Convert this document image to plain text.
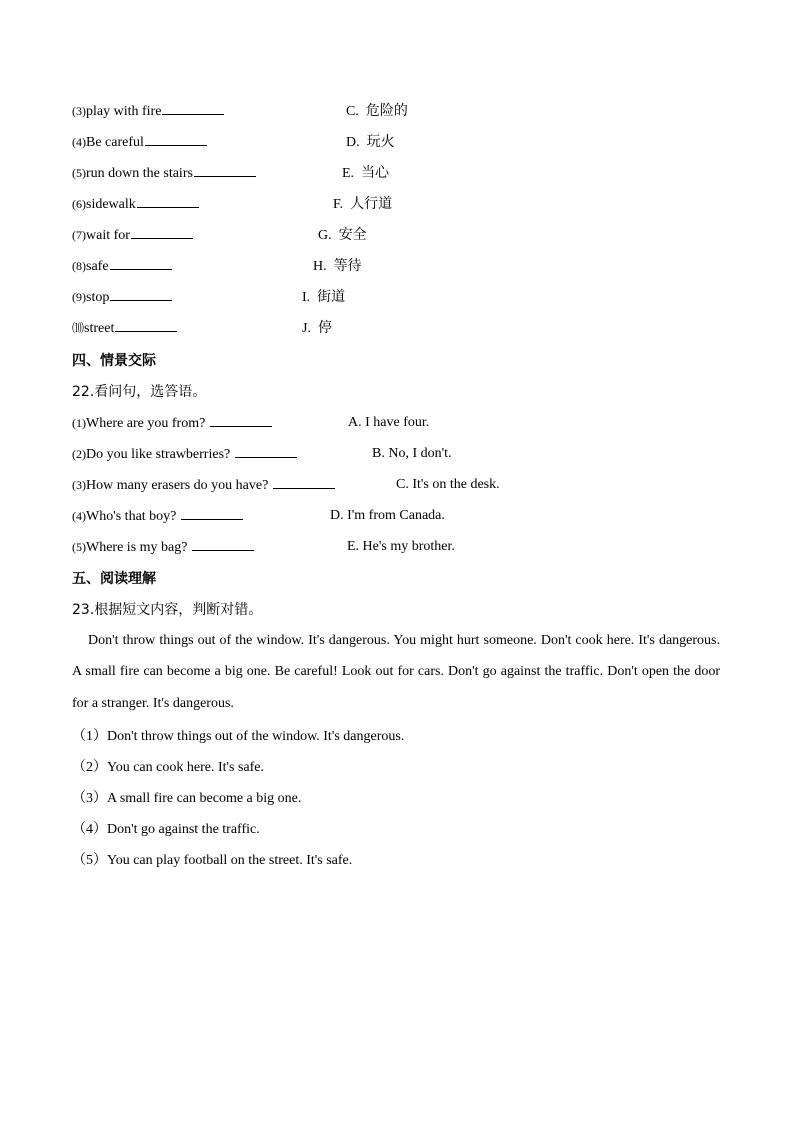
(3)play with fire	C. 危险的
(4)Be careful	D. 玩火
(5)run down the stairs	E. 当心
(6)sidewalk	F. 人行道
(7)wait for	G. 安全
(8)safe	H. 等待
(9)stop	I. 街道
⑽street	J. 停
四、情景交际
22.看问句，选答语。
(1)Where are you from?	A. I have four.
(2)Do you like strawberries?	B. No, I don't.
(3)How many erasers do you have?	C. It's on the desk.
(4)Who's that boy?	D. I'm from Canada.
(5)Where is my bag?	E. He's my brother.
五、阅读理解
23.根据短文内容，判断对错。

Don't throw things out of the window. It's dangerous. You might hurt someone. Don't cook here. It's dangerous. A small fire can become a big one. Be careful! Look out for cars. Don't go against the traffic. Don't open the door for a stranger. It's dangerous.

（1）Don't throw things out of the window. It's dangerous.
（2）You can cook here. It's safe.
（3）A small fire can become a big one.
（4）Don't go against the traffic.
（5）You can play football on the street. It's safe.
